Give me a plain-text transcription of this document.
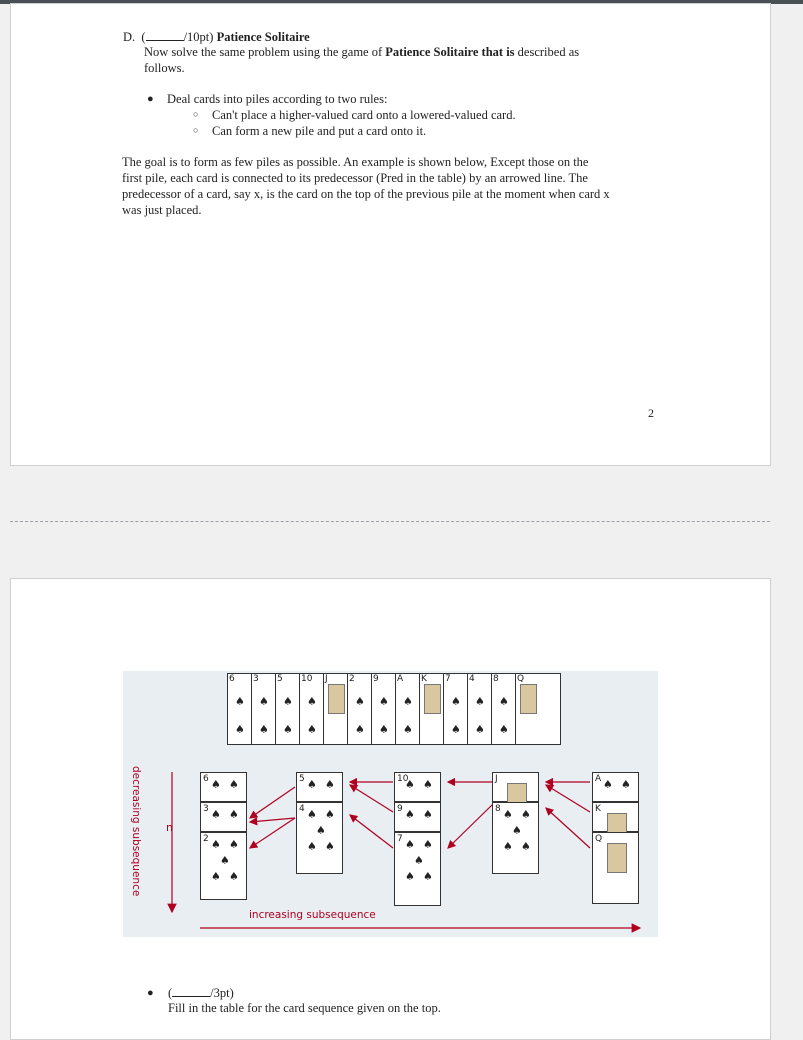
D. (	/10pt) Patience Solitaire

Now solve the same problem using the game of Patience Solitaire that is described as

follows.

● Deal cards into piles according to two rules:

○ Can't place a higher-valued card onto a lowered-valued card.

○ Can form a new pile and put a card onto it.

The goal is to form as few piles as possible. An example is shown below, Except those on the

first pile, each card is connected to its predecessor (Pred in the table) by an arrowed line. The

predecessor of a card, say x, is the card on the top of the previous pile at the moment when card x

was just placed.

2
6
♠
♠
3
♠
♠
5
♠
♠
10
♠
♠
J 2
♠
♠
9
♠
♠
A
♠
♠
K 7
♠
♠
4
♠
♠
8
♠
♠
Q
6 ♠ ♠
3 ♠ ♠
2 ♠ ♠
♠ ♠
♠
5 ♠ ♠
4 ♠ ♠
♠ ♠
♠
10
♠ ♠
9 ♠ ♠
7 ♠ ♠
♠ ♠
♠
J
8 ♠ ♠
♠ ♠
♠
A ♠ ♠
K
Q
decreasing subsequence n
increasing subsequence
● (	/3pt)

Fill in the table for the card sequence given on the top.
